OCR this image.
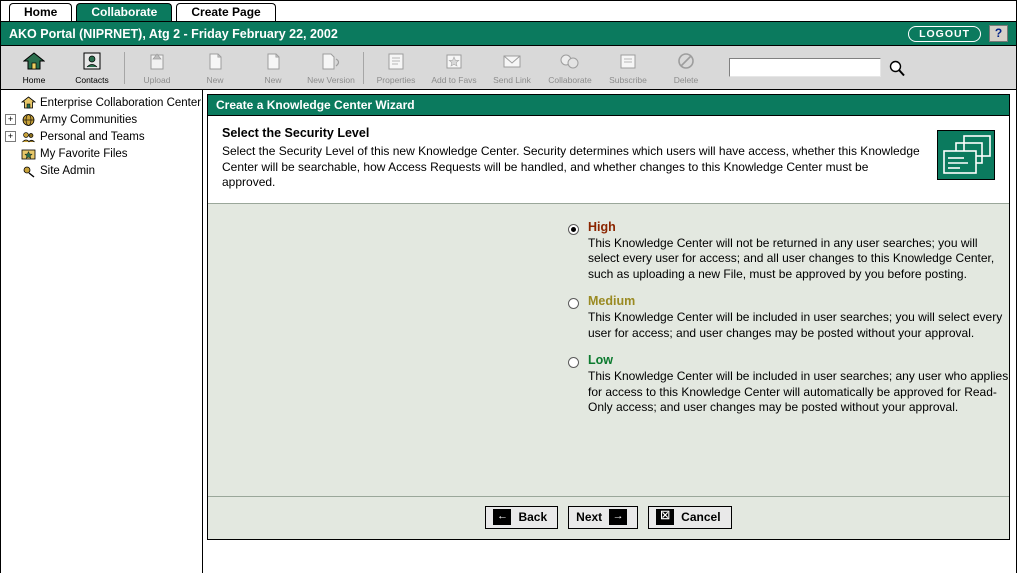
Home	Collaborate	Create Page
AKO Portal (NIPRNET), Atg 2 - Friday February 22, 2002	LOGOUT	?
Home	Contacts	Upload	New	New	New Version	Properties Add to Favs Send Link Collaborate Subscribe	Delete
Enterprise Collaboration Center
+ Army Communities
+ Personal and Teams
My Favorite Files
Site Admin
Create a Knowledge Center Wizard
Select the Security Level
Select the Security Level of this new Knowledge Center. Security determines which users will have access, whether this Knowledge Center will be searchable, how Access Requests will be handled, and whether changes to this Knowledge Center must be approved.
High
This Knowledge Center will not be returned in any user searches; you will select every user for access; and all user changes to this Knowledge Center, such as uploading a new File, must be approved by you before posting.
Medium
This Knowledge Center will be included in user searches; you will select every user for access; and user changes may be posted without your approval.
Low
This Knowledge Center will be included in user searches; any user who applies for access to this Knowledge Center will automatically be approved for Read-Only access; and user changes may be posted without your approval.
← Back Next →	☒ Cancel
